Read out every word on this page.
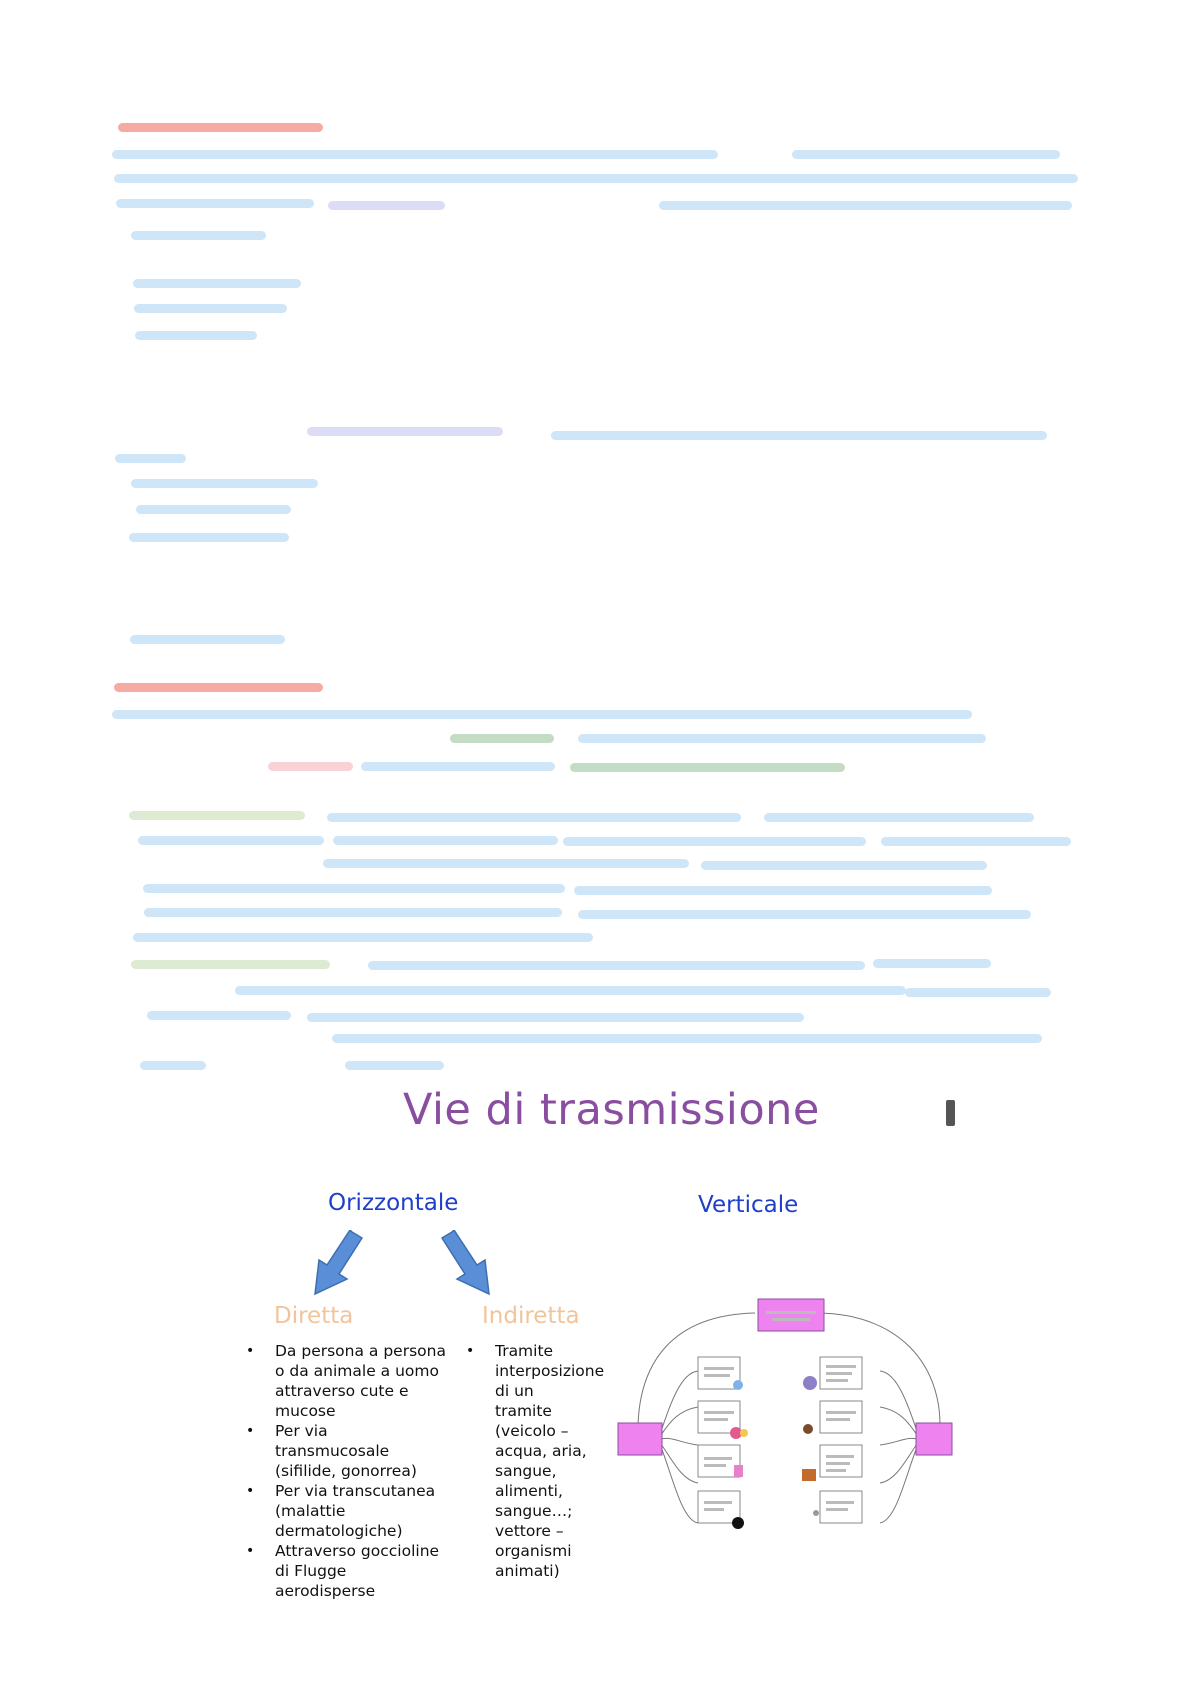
Vie di trasmissione
Orizzontale	Verticale
Diretta	Indiretta
• Da persona a persona o da animale a uomo attraverso cute e mucose
• Per via transmucosale (sifilide, gonorrea)
• Per via transcutanea (malattie dermatologiche)
• Attraverso goccioline di Flugge aerodisperse
• Tramite interposizione di un tramite (veicolo – acqua, aria, sangue, alimenti, sangue…; vettore – organismi animati)
